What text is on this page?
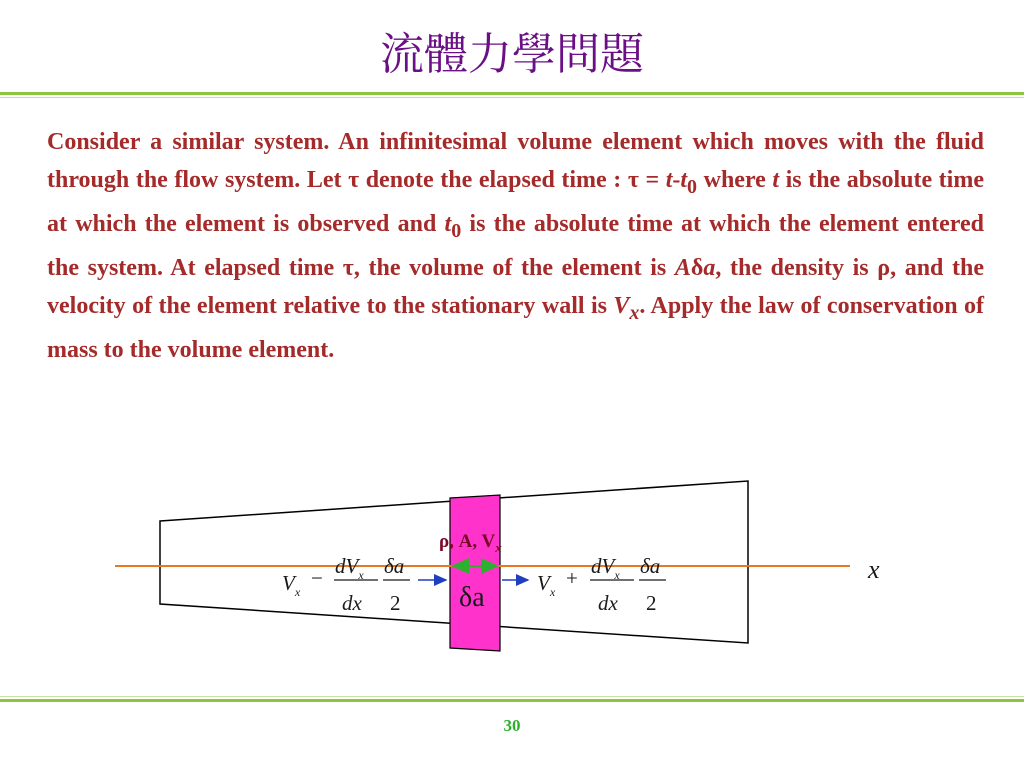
流體力學問題
Consider a similar system. An infinitesimal volume element which moves with the fluid through the flow system. Let τ denote the elapsed time : $\tau = t-t_0$ where t is the absolute time at which the element is observed and $t_0$ is the absolute time at which the element entered the system. At elapsed time τ, the volume of the element is Aδa, the density is ρ, and the velocity of the element relative to the stationary wall is $V_x$. Apply the law of conservation of mass to the volume element.
ρ, A, $V_x$
δa
x
$V_x$
− $dV_x$
dx
δa
2
$V_x$
+ $dV_x$
dx
δa
2
30
